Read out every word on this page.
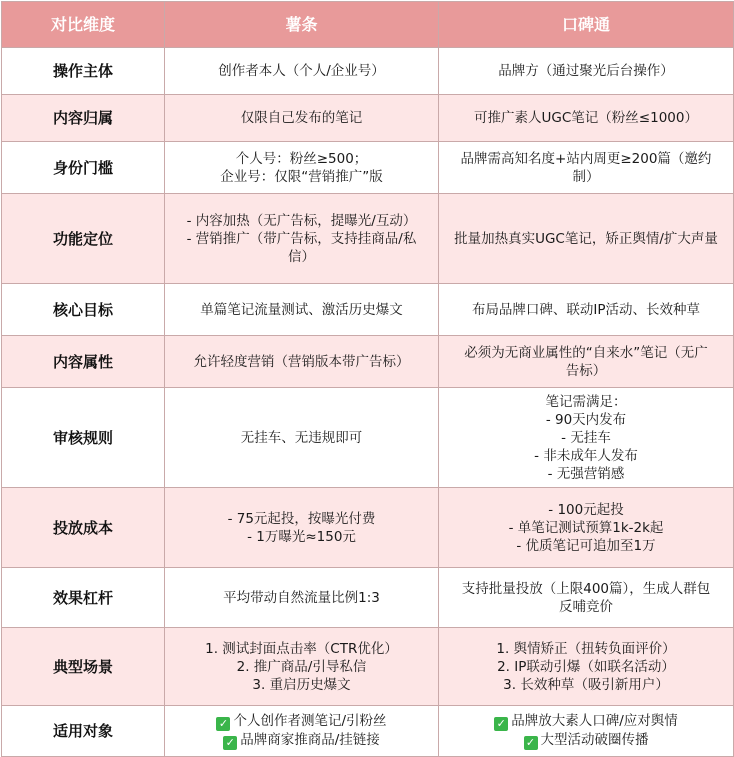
对比维度	薯条	口碑通
操作主体	创作者本人（个人/企业号）	品牌方（通过聚光后台操作）

内容归属	仅限自己发布的笔记	可推广素人UGC笔记（粉丝≤1000）

身份门槛	个人号：粉丝≥500；
企业号：仅限“营销推广”版	品牌需高知名度+站内周更≥200篇（邀约
制）

功能定位	- 内容加热（无广告标，提曝光/互动）
- 营销推广（带广告标，支持挂商品/私
信）	批量加热真实UGC笔记，矫正舆情/扩大声量

核心目标	单篇笔记流量测试、激活历史爆文	布局品牌口碑、联动IP活动、长效种草

内容属性	允许轻度营销（营销版本带广告标）	必须为无商业属性的“自来水”笔记（无广
告标）

审核规则	无挂车、无违规即可	笔记需满足：
- 90天内发布
- 无挂车
- 非未成年人发布
- 无强营销感

投放成本	- 75元起投，按曝光付费
- 1万曝光≈150元	- 100元起投
- 单笔记测试预算1k-2k起
- 优质笔记可追加至1万

效果杠杆	平均带动自然流量比例1:3	支持批量投放（上限400篇），生成人群包
反哺竞价

典型场景	1. 测试封面点击率（CTR优化）
2. 推广商品/引导私信
3. 重启历史爆文	1. 舆情矫正（扭转负面评价）
2. IP联动引爆（如联名活动）
3. 长效种草（吸引新用户）

适用对象	✓ 个人创作者测笔记/引粉丝
✓ 品牌商家推商品/挂链接	✓ 品牌放大素人口碑/应对舆情
✓ 大型活动破圈传播
